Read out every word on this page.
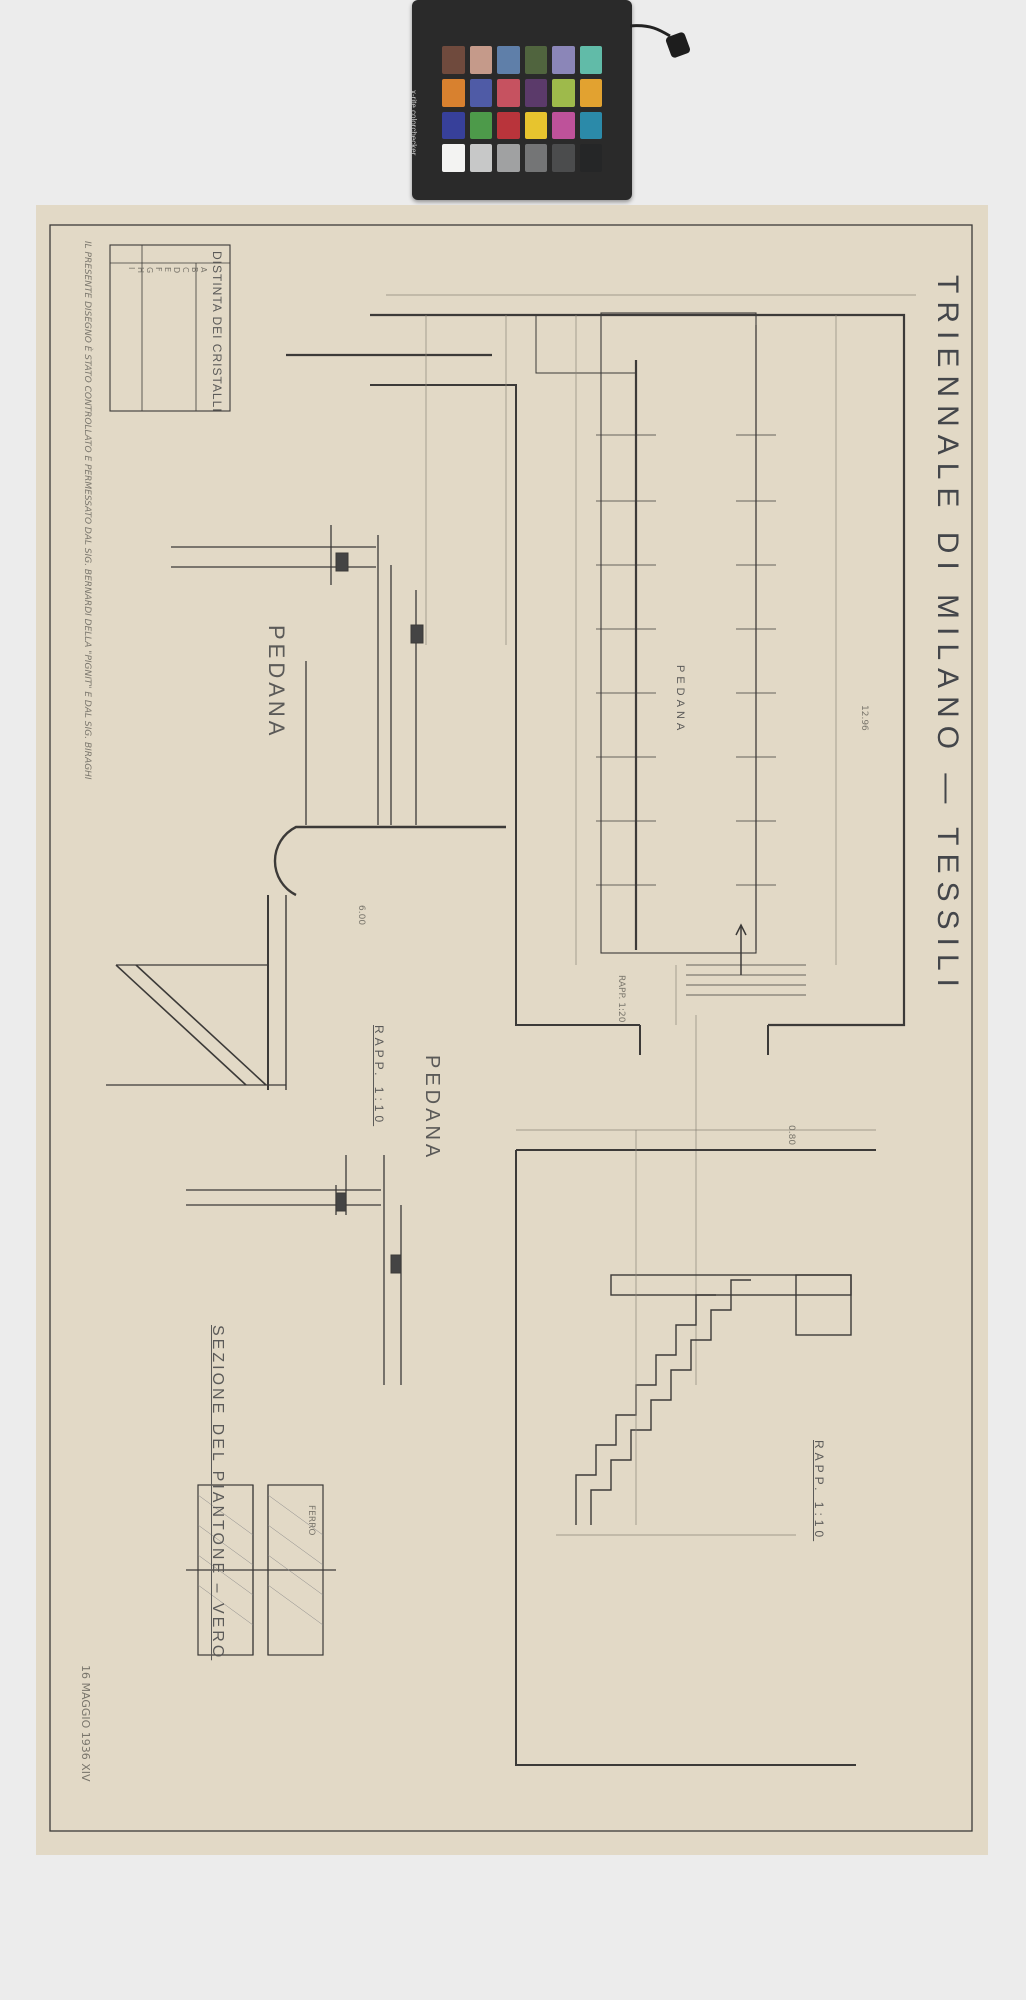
x-rite colorchecker
TRIENNALE DI MILANO — TESSILI
PEDANA
PEDANA
PEDANA
SEZIONE DEL PIANTONE – VERO
RAPP. 1:10
RAPP. 1:10
RAPP. 1:20
12.96
6.00
0.80
FERRO
16 MAGGIO 1936 XIV
IL PRESENTE DISEGNO È STATO CONTROLLATO E PERMESSATO DAL SIG. BERNARDI DELLA "PIGNIT" E DAL SIG. BIRAGHI	DISTINTA DEI CRISTALLI
A
B
C
D
E
F
G
H
I
